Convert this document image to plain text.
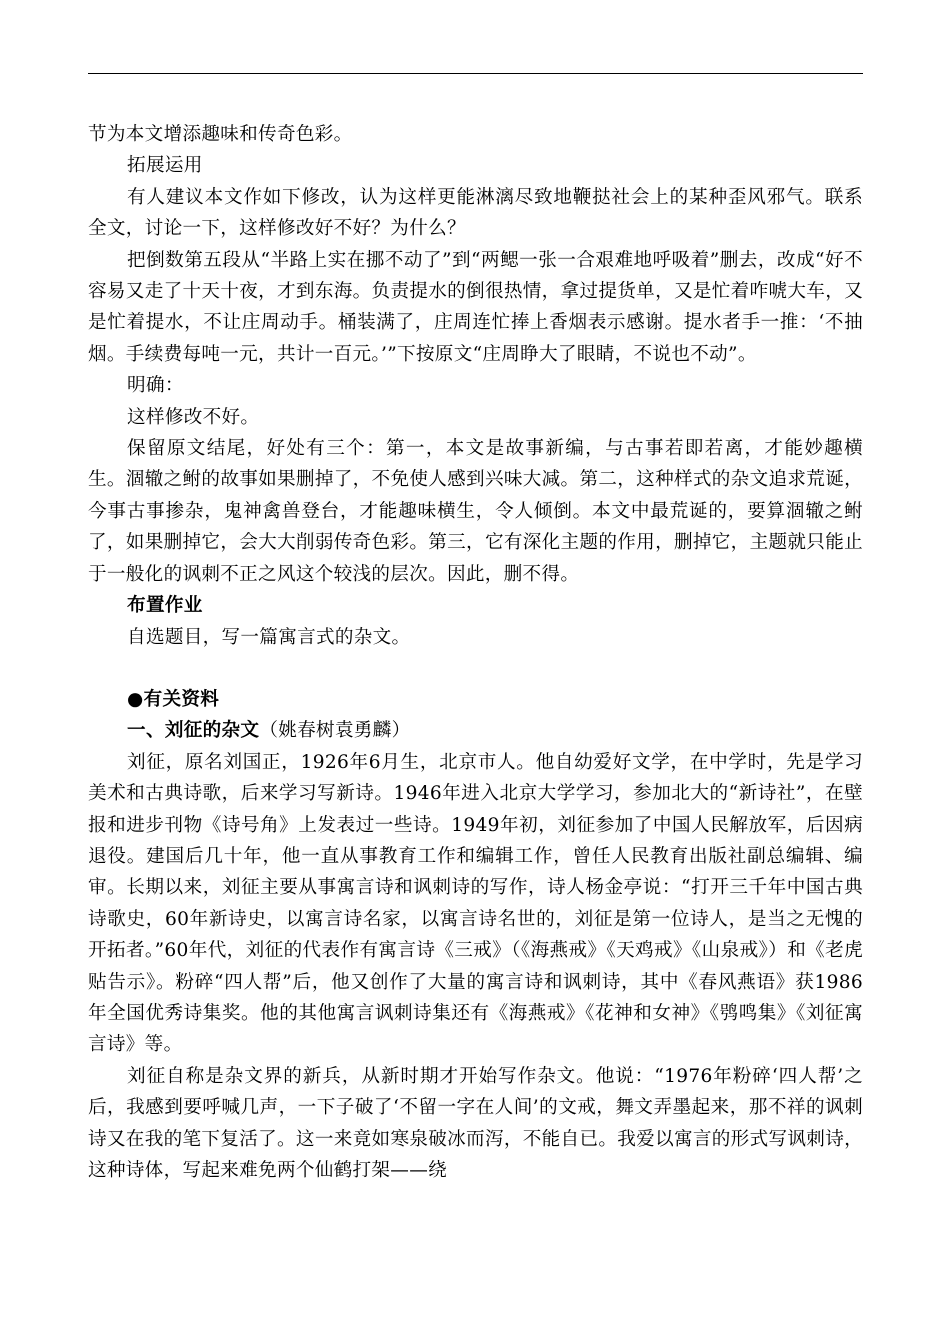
节为本文增添趣味和传奇色彩。

拓展运用

有人建议本文作如下修改，认为这样更能淋漓尽致地鞭挞社会上的某种歪风邪气。联系全文，讨论一下，这样修改好不好？为什么？

把倒数第五段从“半路上实在挪不动了”到“两鳃一张一合艰难地呼吸着”删去，改成“好不容易又走了十天十夜，才到东海。负责提水的倒很热情，拿过提货单，又是忙着咋唬大车，又是忙着提水，不让庄周动手。桶装满了，庄周连忙捧上香烟表示感谢。提水者手一推：‘不抽烟。手续费每吨一元，共计一百元。’”下按原文“庄周睁大了眼睛，不说也不动”。

明确：

这样修改不好。

保留原文结尾，好处有三个：第一，本文是故事新编，与古事若即若离，才能妙趣横生。涸辙之鲋的故事如果删掉了，不免使人感到兴味大减。第二，这种样式的杂文追求荒诞，今事古事掺杂，鬼神禽兽登台，才能趣味横生，令人倾倒。本文中最荒诞的，要算涸辙之鲋了，如果删掉它，会大大削弱传奇色彩。第三，它有深化主题的作用，删掉它，主题就只能止于一般化的讽刺不正之风这个较浅的层次。因此，删不得。

布置作业

自选题目，写一篇寓言式的杂文。

●有关资料

一、刘征的杂文（姚春树袁勇麟）

刘征，原名刘国正，1926年6月生，北京市人。他自幼爱好文学，在中学时，先是学习美术和古典诗歌，后来学习写新诗。1946年进入北京大学学习，参加北大的“新诗社”，在壁报和进步刊物《诗号角》上发表过一些诗。1949年初，刘征参加了中国人民解放军，后因病退役。建国后几十年，他一直从事教育工作和编辑工作，曾任人民教育出版社副总编辑、编审。长期以来，刘征主要从事寓言诗和讽刺诗的写作，诗人杨金亭说：“打开三千年中国古典诗歌史，60年新诗史，以寓言诗名家，以寓言诗名世的，刘征是第一位诗人，是当之无愧的开拓者。”60年代，刘征的代表作有寓言诗《三戒》（《海燕戒》《天鸡戒》《山泉戒》）和《老虎贴告示》。粉碎“四人帮”后，他又创作了大量的寓言诗和讽刺诗，其中《春风燕语》获1986年全国优秀诗集奖。他的其他寓言讽刺诗集还有《海燕戒》《花神和女神》《鸮鸣集》《刘征寓言诗》等。

刘征自称是杂文界的新兵，从新时期才开始写作杂文。他说：“1976年粉碎‘四人帮’之后，我感到要呼喊几声，一下子破了‘不留一字在人间’的文戒，舞文弄墨起来，那不祥的讽刺诗又在我的笔下复活了。这一来竟如寒泉破冰而泻，不能自已。我爱以寓言的形式写讽刺诗，这种诗体，写起来难免两个仙鹤打架——绕
